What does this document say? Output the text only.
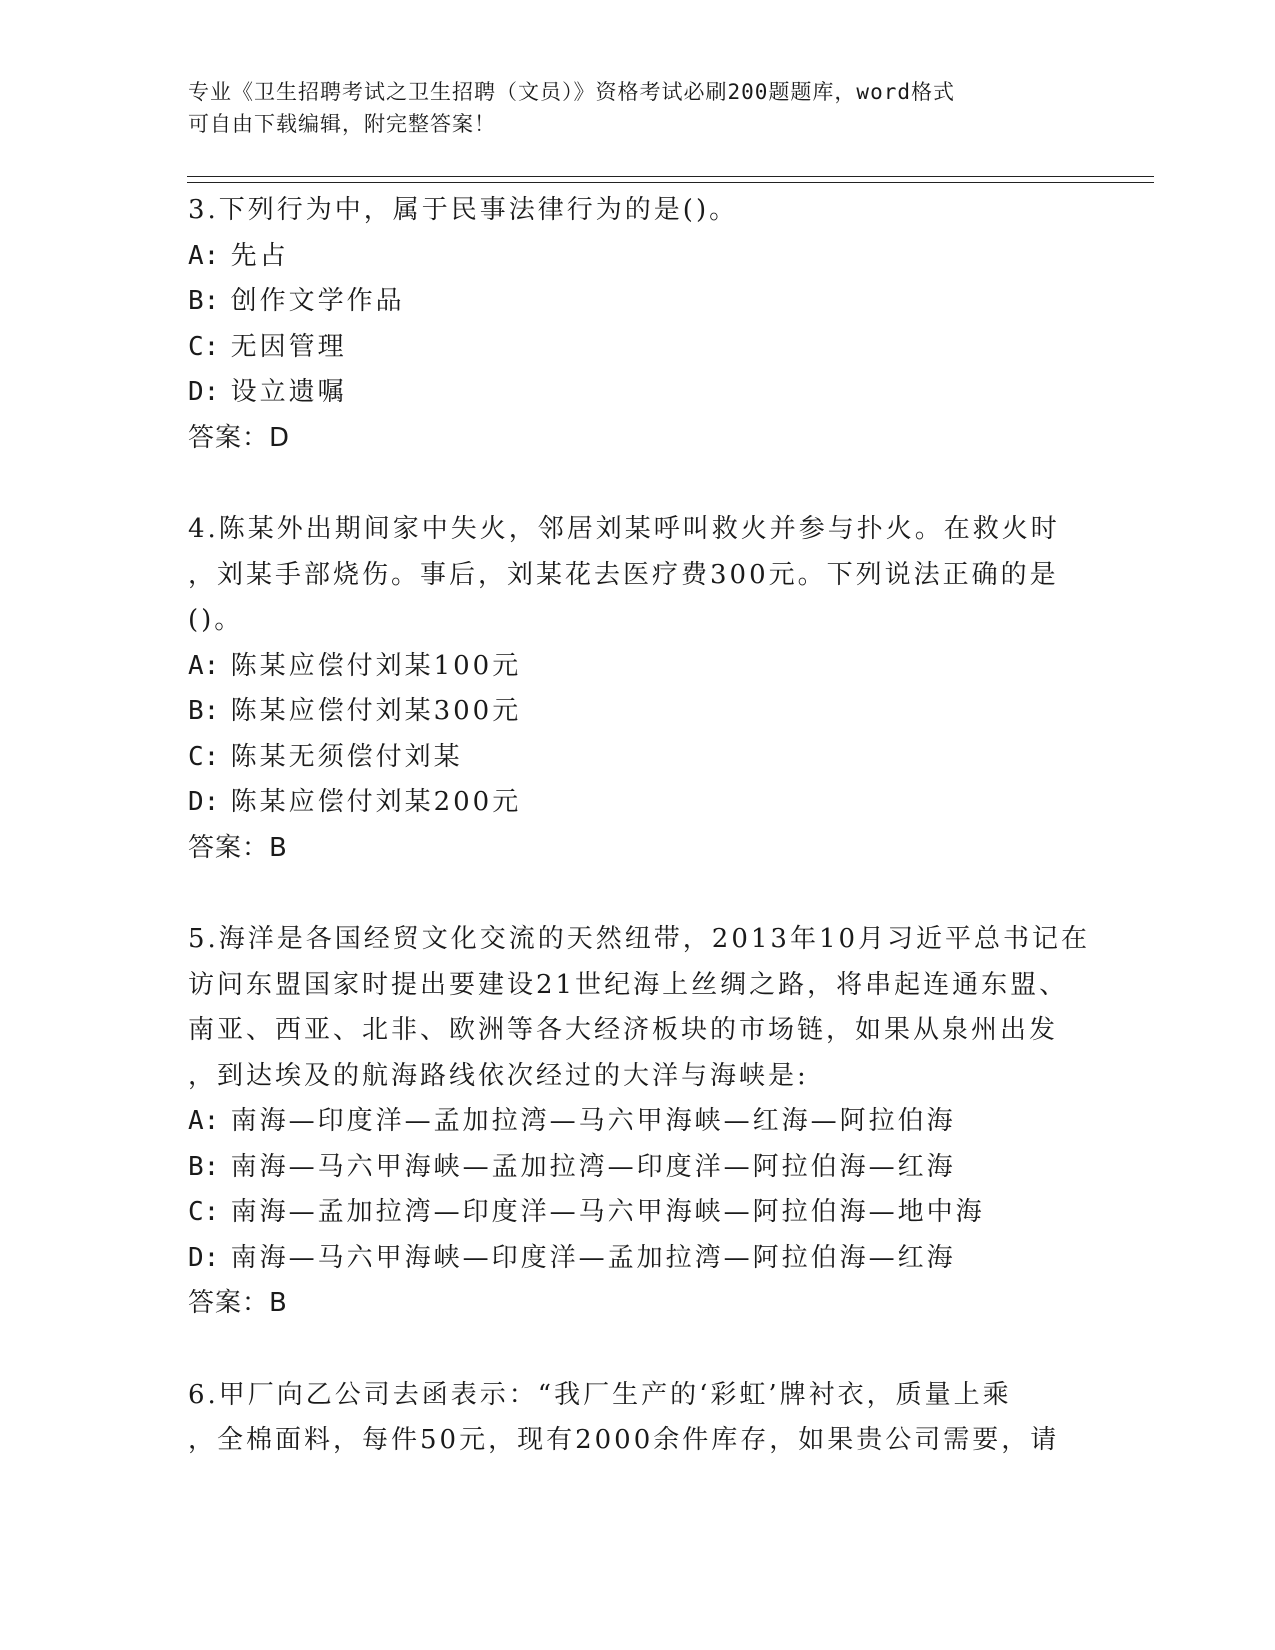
专业《卫生招聘考试之卫生招聘（文员）》资格考试必刷200题题库，word格式
可自由下载编辑，附完整答案！
3.下列行为中，属于民事法律行为的是()。
A: 先占
B: 创作文学作品
C: 无因管理
D: 设立遗嘱
答案：D
4.陈某外出期间家中失火，邻居刘某呼叫救火并参与扑火。在救火时
，刘某手部烧伤。事后，刘某花去医疗费300元。下列说法正确的是
()。
A: 陈某应偿付刘某100元
B: 陈某应偿付刘某300元
C: 陈某无须偿付刘某
D: 陈某应偿付刘某200元
答案：B
5.海洋是各国经贸文化交流的天然纽带，2013年10月习近平总书记在
访问东盟国家时提出要建设21世纪海上丝绸之路，将串起连通东盟、
南亚、西亚、北非、欧洲等各大经济板块的市场链，如果从泉州出发
，到达埃及的航海路线依次经过的大洋与海峡是:
A: 南海—印度洋—孟加拉湾—马六甲海峡—红海—阿拉伯海
B: 南海—马六甲海峡—孟加拉湾—印度洋—阿拉伯海—红海
C: 南海—孟加拉湾—印度洋—马六甲海峡—阿拉伯海—地中海
D: 南海—马六甲海峡—印度洋—孟加拉湾—阿拉伯海—红海
答案：B
6.甲厂向乙公司去函表示：“我厂生产的‘彩虹’牌衬衣，质量上乘
，全棉面料，每件50元，现有2000余件库存，如果贵公司需要，请
